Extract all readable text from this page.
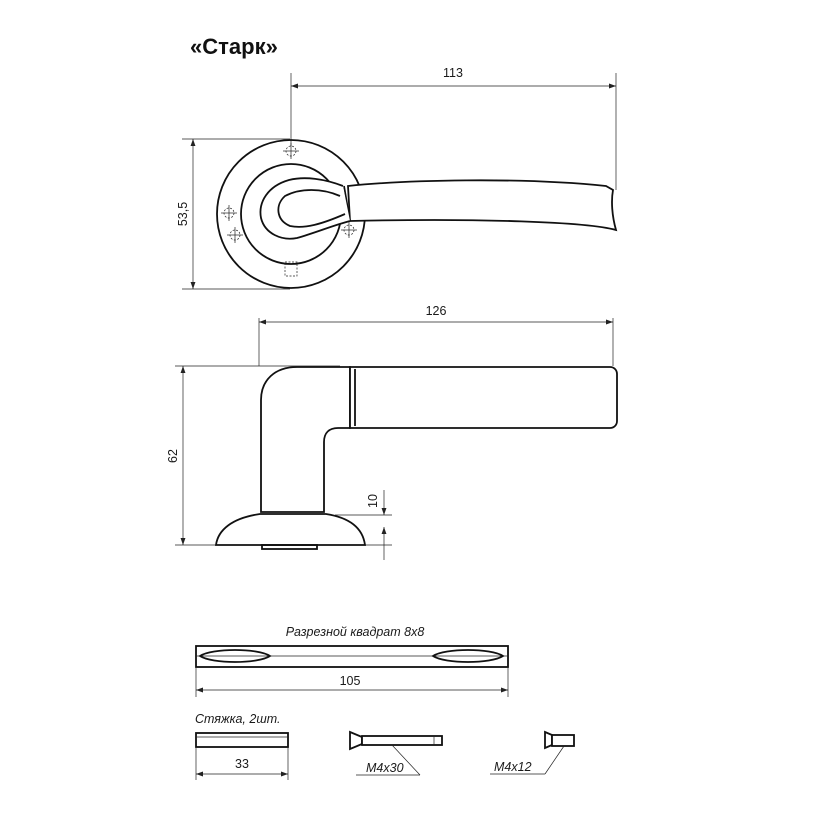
«Старк»
113
53,5
126
62
10
Разрезной квадрат 8х8
105
Стяжка, 2шт.
33	М4х30	М4х12
